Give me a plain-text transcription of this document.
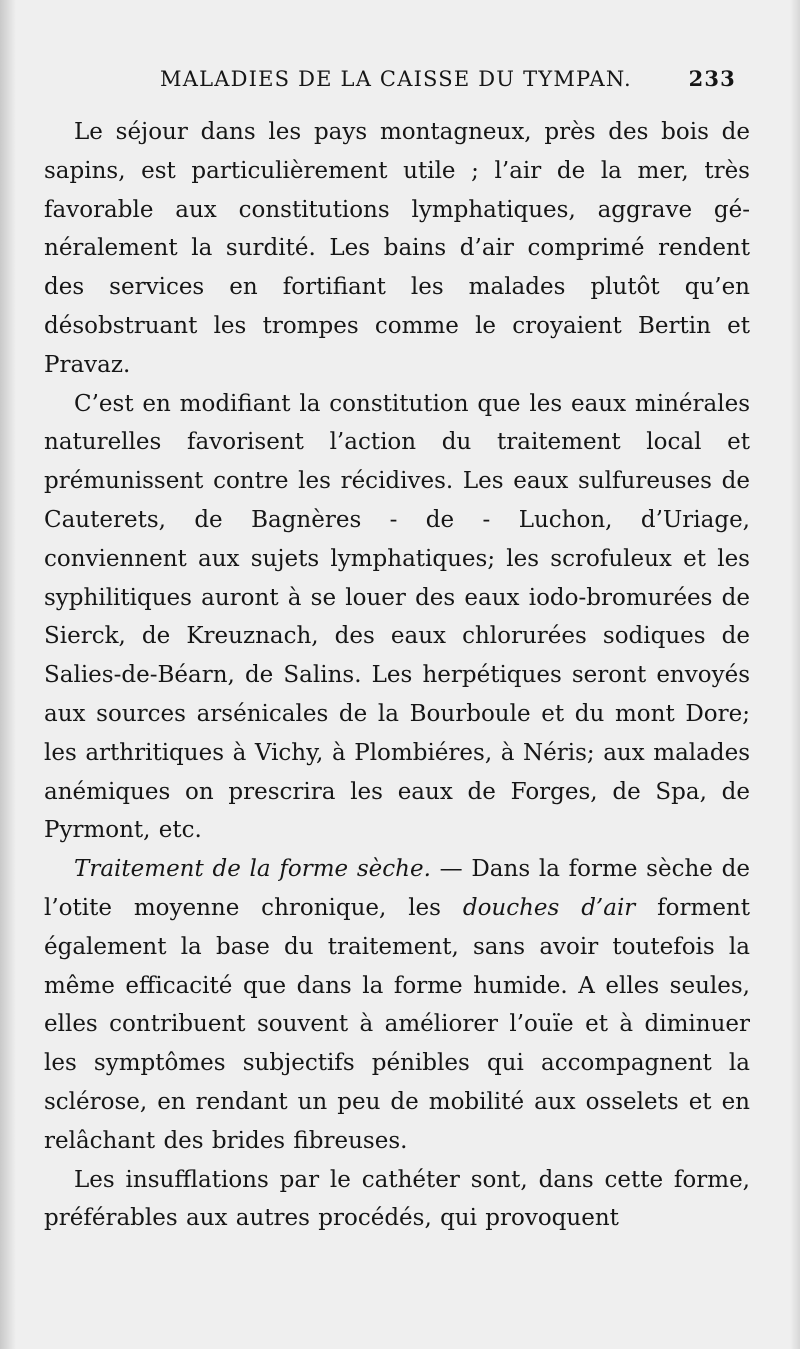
MALADIES DE LA CAISSE DU TYMPAN.	233

Le séjour dans les pays montagneux, près des bois de sapins, est particulièrement utile ; l’air de la mer, très favorable aux constitutions lymphatiques, aggrave généralement la surdité. Les bains d’air comprimé rendent des services en fortifiant les malades plutôt qu’en désobstruant les trompes comme le croyaient Bertin et Pravaz.

C’est en modifiant la constitution que les eaux minérales naturelles favorisent l’action du traitement local et prémunissent contre les récidives. Les eaux sulfureuses de Cauterets, de Bagnères - de - Luchon, d’Uriage, conviennent aux sujets lymphatiques; les scrofuleux et les syphilitiques auront à se louer des eaux iodo-bromurées de Sierck, de Kreuznach, des eaux chlorurées sodiques de Salies-de-Béarn, de Salins. Les herpétiques seront envoyés aux sources arsénicales de la Bourboule et du mont Dore; les arthritiques à Vichy, à Plombiéres, à Néris; aux malades anémiques on prescrira les eaux de Forges, de Spa, de Pyrmont, etc.

Traitement de la forme sèche. — Dans la forme sèche de l’otite moyenne chronique, les douches d’air forment également la base du traitement, sans avoir toutefois la même efficacité que dans la forme humide. A elles seules, elles contribuent souvent à améliorer l’ouïe et à diminuer les symptômes subjectifs pénibles qui accompagnent la sclérose, en rendant un peu de mobilité aux osselets et en relâchant des brides fibreuses.

Les insufflations par le cathéter sont, dans cette forme, préférables aux autres procédés, qui provoquent
